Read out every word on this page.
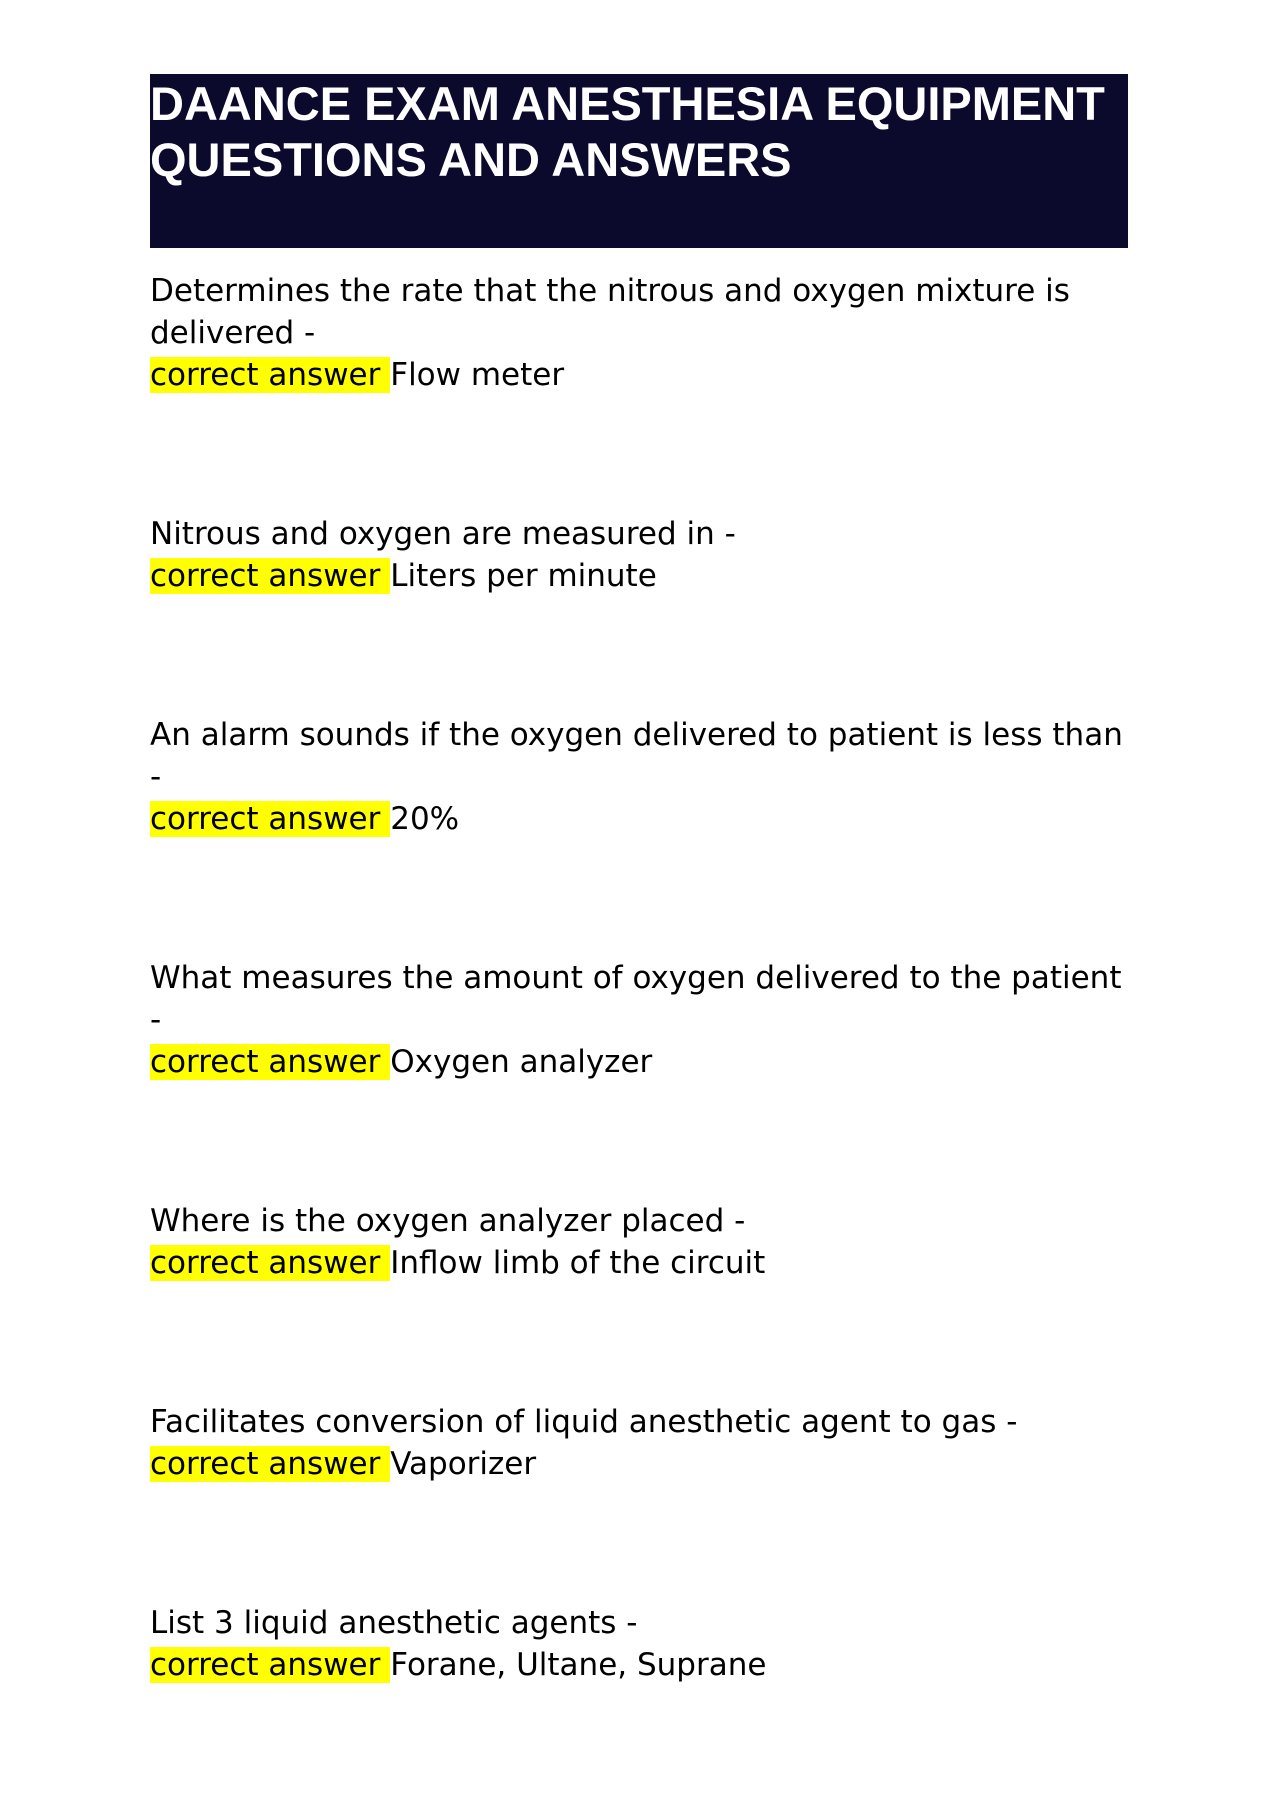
DAANCE EXAM ANESTHESIA EQUIPMENT QUESTIONS AND ANSWERS
Determines the rate that the nitrous and oxygen mixture is delivered -
correct answer Flow meter
Nitrous and oxygen are measured in -
correct answer Liters per minute
An alarm sounds if the oxygen delivered to patient is less than -
correct answer 20%
What measures the amount of oxygen delivered to the patient -
correct answer Oxygen analyzer
Where is the oxygen analyzer placed -
correct answer Inflow limb of the circuit
Facilitates conversion of liquid anesthetic agent to gas -
correct answer Vaporizer
List 3 liquid anesthetic agents -
correct answer Forane, Ultane, Suprane
